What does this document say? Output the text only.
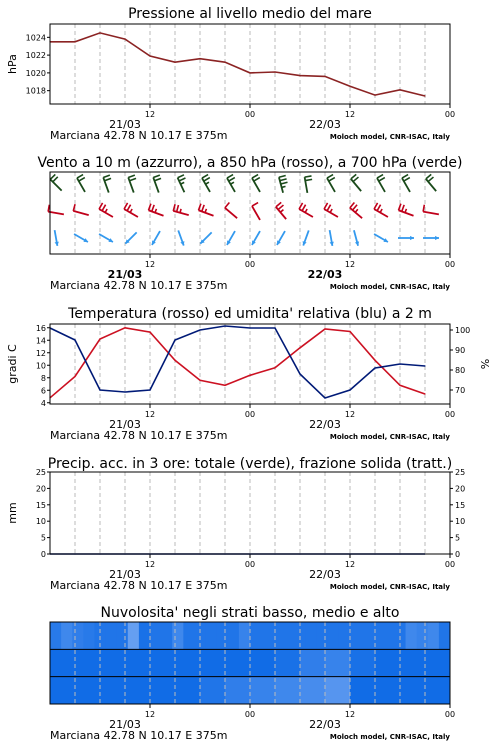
Pressione al livello medio del mare
12	00	12	00
21/03	22/03
Marciana 42.78 N 10.17 E 375m	Moloch model, CNR-ISAC, Italy
1018
1020
1022
1024
hPa
Vento a 10 m (azzurro), a 850 hPa (rosso), a 700 hPa (verde)
12	00	12	00
21/03	22/03
Marciana 42.78 N 10.17 E 375m	Moloch model, CNR-ISAC, Italy
Temperatura (rosso) ed umidita' relativa (blu) a 2 m
12	00	12	00
21/03	22/03
Marciana 42.78 N 10.17 E 375m	Moloch model, CNR-ISAC, Italy
4
6
8
10
12
14
16
70
80
90
100
gradi C	%
Precip. acc. in 3 ore: totale (verde), frazione solida (tratt.)
12	00	12	00
21/03	22/03
Marciana 42.78 N 10.17 E 375m	Moloch model, CNR-ISAC, Italy
0
5
10
15
20
25
0
5
10
15
20
25
mm
Nuvolosita' negli strati basso, medio e alto
12	00	12	00
21/03	22/03
Marciana 42.78 N 10.17 E 375m	Moloch model, CNR-ISAC, Italy
